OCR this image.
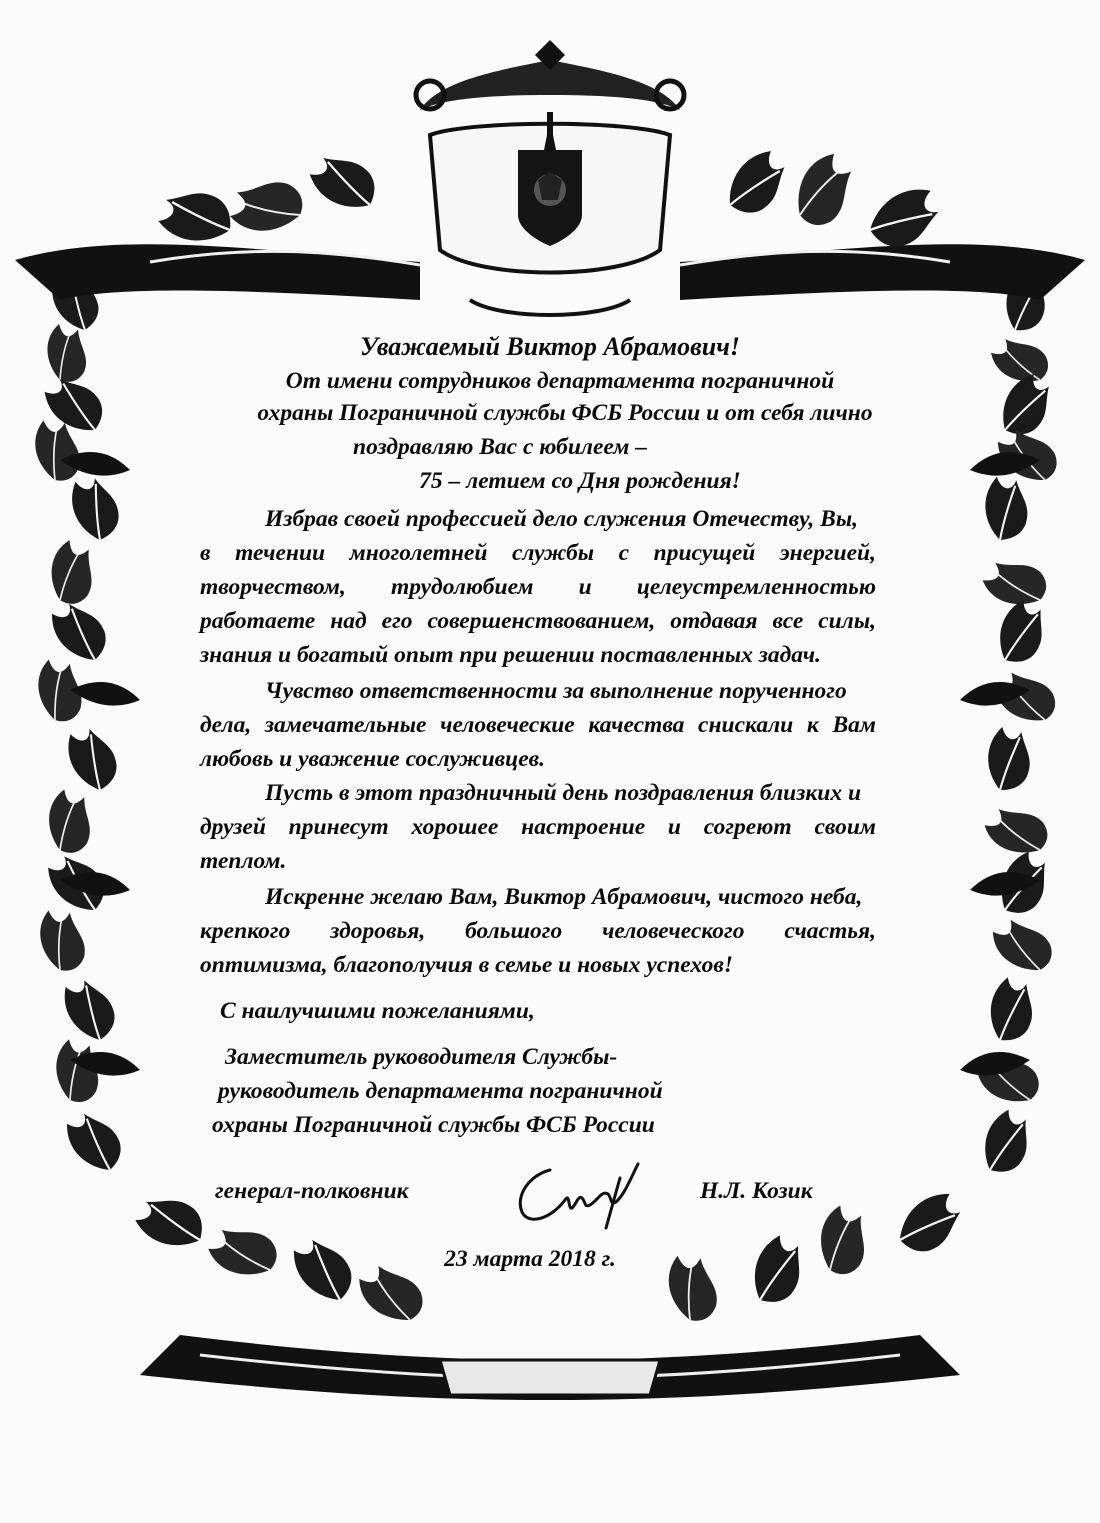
Уважаемый Виктор Абрамович!
От имени сотрудников департамента пограничной
охраны Пограничной службы ФСБ России и от себя лично
поздравляю Вас с юбилеем –
75 – летием со Дня рождения!
Избрав своей профессией дело служения Отечеству, Вы,
в течении многолетней службы с присущей энергией,
творчеством, трудолюбием и целеустремленностью
работаете над его совершенствованием, отдавая все силы,
знания и богатый опыт при решении поставленных задач.
Чувство ответственности за выполнение порученного
дела, замечательные человеческие качества снискали к Вам
любовь и уважение сослуживцев.
Пусть в этот праздничный день поздравления близких и
друзей принесут хорошее настроение и согреют своим
теплом.
Искренне желаю Вам, Виктор Абрамович, чистого неба,
крепкого здоровья, большого человеческого счастья,
оптимизма, благополучия в семье и новых успехов!
С наилучшими пожеланиями,
Заместитель руководителя Службы-
руководитель департамента пограничной
охраны Пограничной службы ФСБ России
генерал-полковник	Н.Л. Козик
23 марта 2018 г.
